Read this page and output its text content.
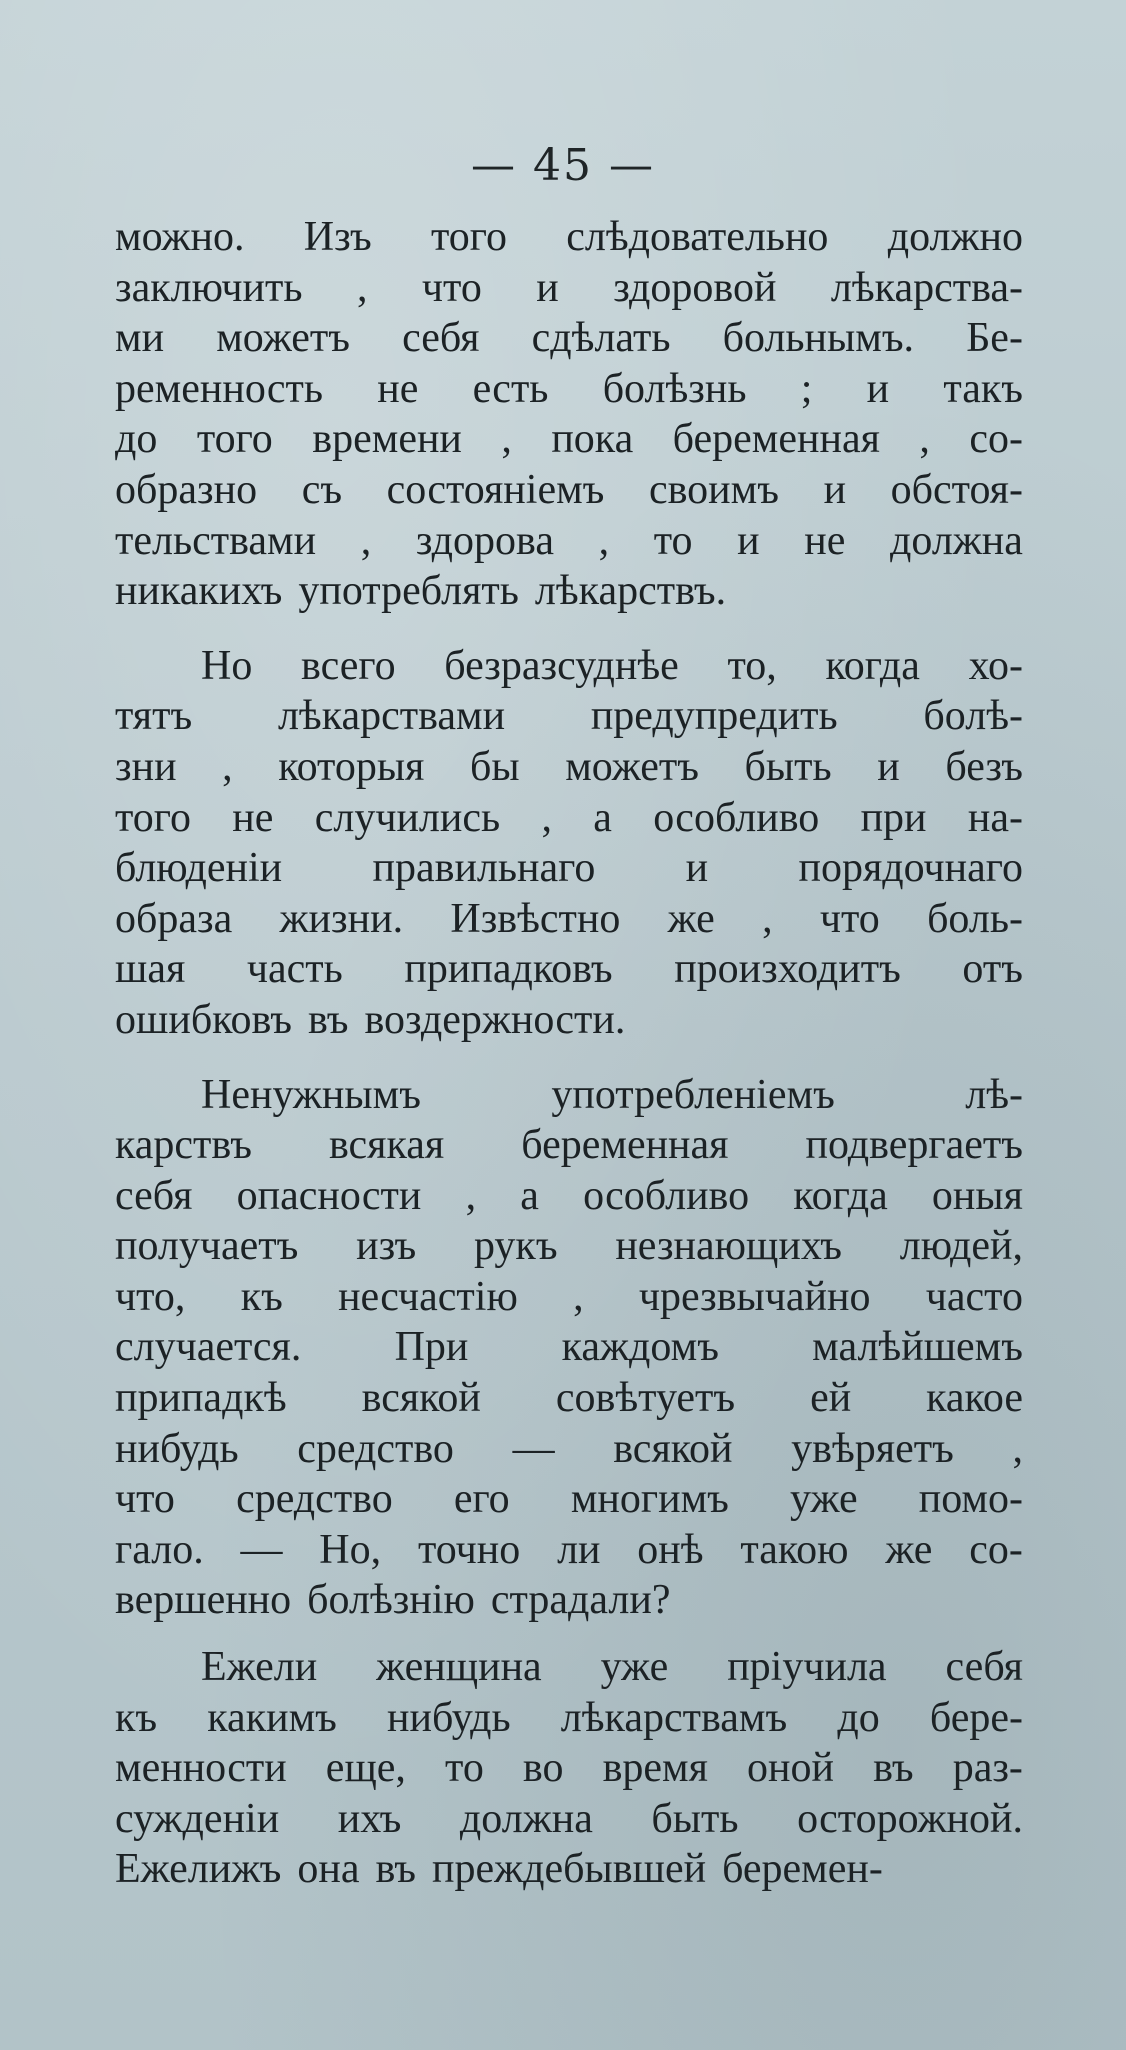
— 45 —
можно. Изъ того слѣдовательно должно
заключить , что и здоровой лѣкарства-
ми можетъ себя сдѣлать больнымъ. Бе-
ременность не есть болѣзнь ; и такъ
до того времени , пока беременная , со-
образно съ состояніемъ своимъ и обстоя-
тельствами , здорова , то и не должна
никакихъ употреблять лѣкарствъ.
Но всего безразсуднѣе то, когда хо-
тятъ лѣкарствами предупредить болѣ-
зни , которыя бы можетъ быть и безъ
того не случились , а особливо при на-
блюденіи правильнаго и порядочнаго
образа жизни. Извѣстно же , что боль-
шая часть припадковъ произходитъ отъ
ошибковъ въ воздержности.
Ненужнымъ	употребленіемъ	лѣ-
карствъ всякая беременная подвергаетъ
себя опасности , а особливо когда оныя
получаетъ изъ рукъ незнающихъ людей,
что, къ несчастію , чрезвычайно часто
случается. При каждомъ малѣйшемъ
припадкѣ всякой совѣтуетъ ей какое
нибудь средство — всякой увѣряетъ ,
что средство его многимъ уже помо-
гало. — Но, точно ли онѣ такою же со-
вершенно болѣзнію страдали?
Ежели женщина уже пріучила себя
къ какимъ нибудь лѣкарствамъ до бере-
менности еще, то во время оной въ раз-
сужденіи ихъ должна быть осторожной.
Ежелижъ она въ преждебывшей беремен-
